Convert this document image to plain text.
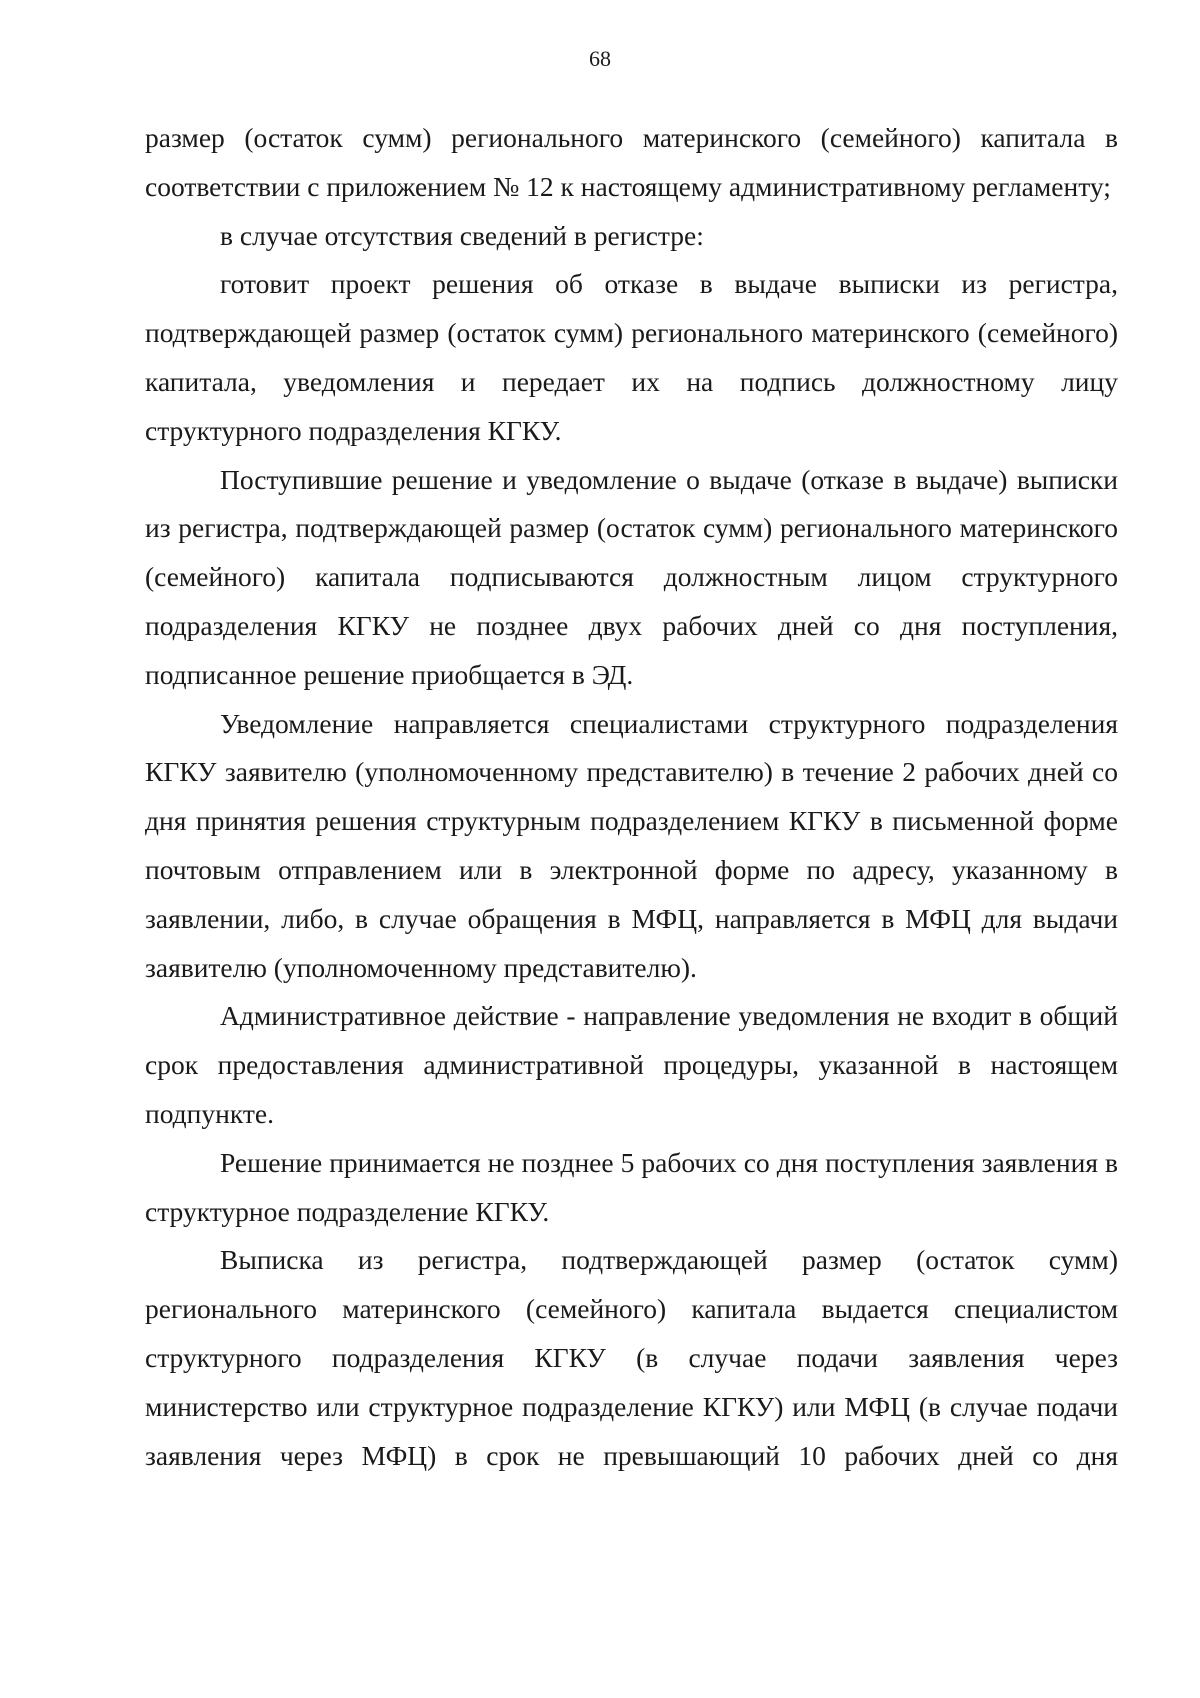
68

размер (остаток сумм) регионального материнского (семейного) капитала в соответствии с приложением № 12 к настоящему административному регламенту;

в случае отсутствия сведений в регистре:

готовит проект решения об отказе в выдаче выписки из регистра, подтверждающей размер (остаток сумм) регионального материнского (семейного) капитала, уведомления и передает их на подпись должностному лицу структурного подразделения КГКУ.

Поступившие решение и уведомление о выдаче (отказе в выдаче) выписки из регистра, подтверждающей размер (остаток сумм) регионального материнского (семейного) капитала подписываются должностным лицом структурного подразделения КГКУ не позднее двух рабочих дней со дня поступления, подписанное решение приобщается в ЭД.

Уведомление направляется специалистами структурного подразделения КГКУ заявителю (уполномоченному представителю) в течение 2 рабочих дней со дня принятия решения структурным подразделением КГКУ в письменной форме почтовым отправлением или в электронной форме по адресу, указанному в заявлении, либо, в случае обращения в МФЦ, направляется в МФЦ для выдачи заявителю (уполномоченному представителю).

Административное действие - направление уведомления не входит в общий срок предоставления административной процедуры, указанной в настоящем подпункте.

Решение принимается не позднее 5 рабочих со дня поступления заявления в структурное подразделение КГКУ.

Выписка из регистра, подтверждающей размер (остаток сумм) регионального материнского (семейного) капитала выдается специалистом структурного подразделения КГКУ (в случае подачи заявления через министерство или структурное подразделение КГКУ) или МФЦ (в случае подачи заявления через МФЦ) в срок не превышающий 10 рабочих дней со дня
